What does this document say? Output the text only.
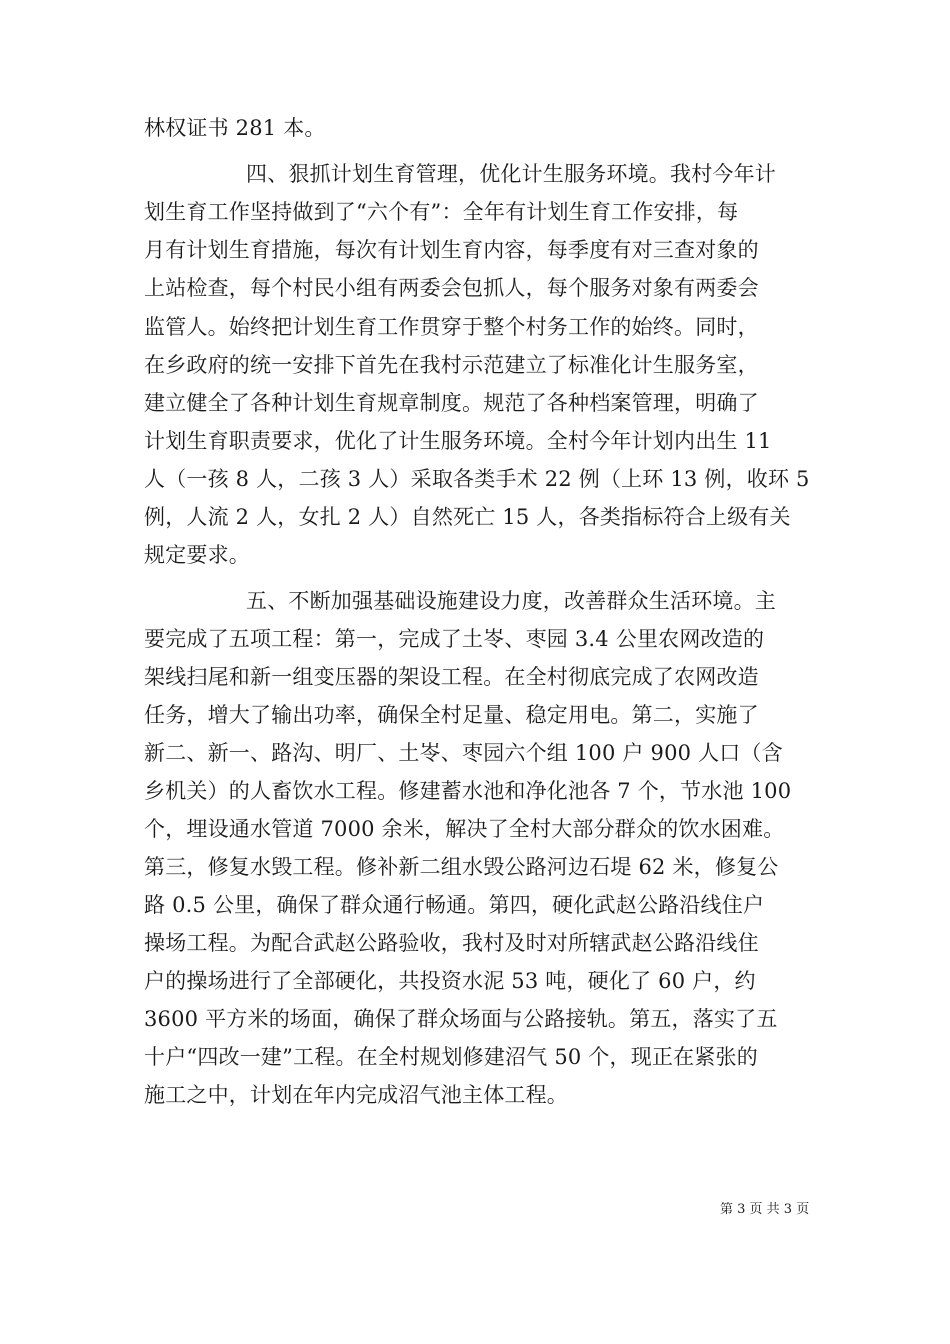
林权证书 281 本。
四、狠抓计划生育管理，优化计生服务环境。我村今年计
划生育工作坚持做到了“六个有”：全年有计划生育工作安排，每
月有计划生育措施，每次有计划生育内容，每季度有对三查对象的
上站检查，每个村民小组有两委会包抓人，每个服务对象有两委会
监管人。始终把计划生育工作贯穿于整个村务工作的始终。同时，
在乡政府的统一安排下首先在我村示范建立了标准化计生服务室，
建立健全了各种计划生育规章制度。规范了各种档案管理，明确了
计划生育职责要求，优化了计生服务环境。全村今年计划内出生 11
人（一孩 8 人，二孩 3 人）采取各类手术 22 例（上环 13 例，收环 5
例，人流 2 人，女扎 2 人）自然死亡 15 人，各类指标符合上级有关
规定要求。
五、不断加强基础设施建设力度，改善群众生活环境。主
要完成了五项工程：第一，完成了土岺、枣园 3.4 公里农网改造的
架线扫尾和新一组变压器的架设工程。在全村彻底完成了农网改造
任务，增大了输出功率，确保全村足量、稳定用电。第二，实施了
新二、新一、路沟、明厂、土岺、枣园六个组 100 户 900 人口（含
乡机关）的人畜饮水工程。修建蓄水池和净化池各 7 个，节水池 100
个，埋设通水管道 7000 余米，解决了全村大部分群众的饮水困难。
第三，修复水毁工程。修补新二组水毁公路河边石堤 62 米，修复公
路 0.5 公里，确保了群众通行畅通。第四，硬化武赵公路沿线住户
操场工程。为配合武赵公路验收，我村及时对所辖武赵公路沿线住
户的操场进行了全部硬化，共投资水泥 53 吨，硬化了 60 户，约
3600 平方米的场面，确保了群众场面与公路接轨。第五，落实了五
十户“四改一建”工程。在全村规划修建沼气 50 个，现正在紧张的
施工之中，计划在年内完成沼气池主体工程。
第 3 页 共 3 页
